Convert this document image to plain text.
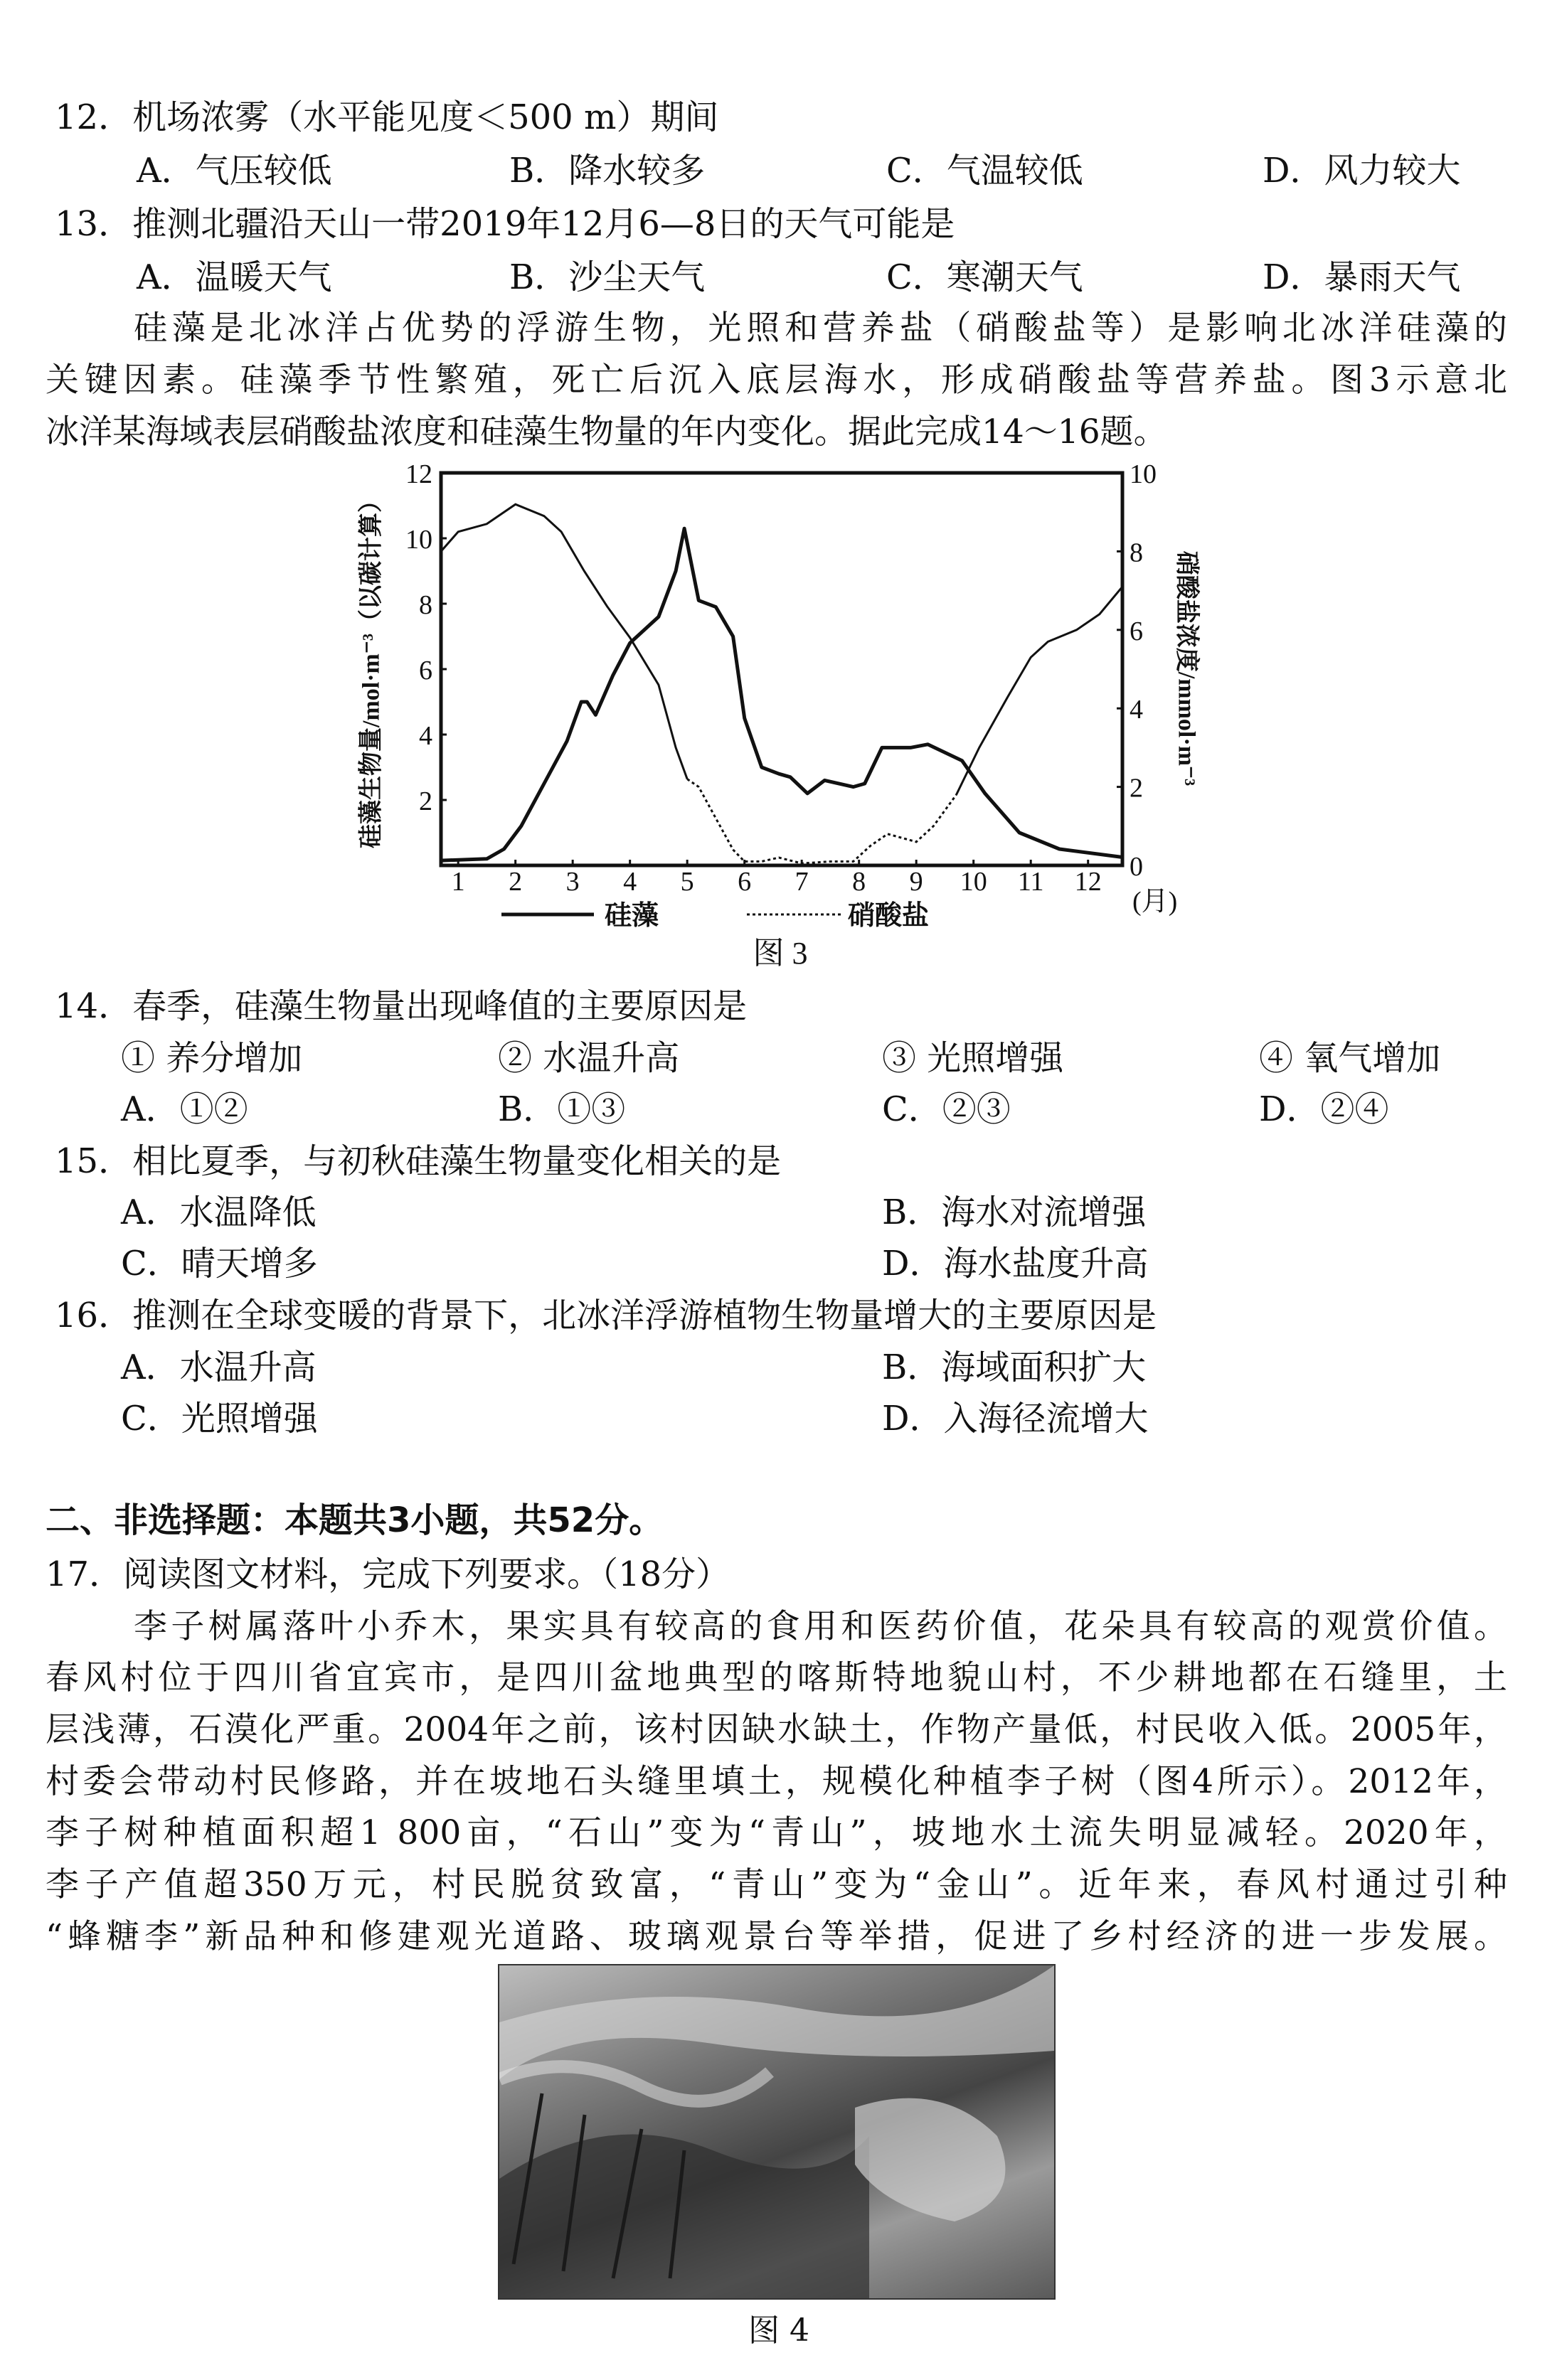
12．机场浓雾（水平能见度＜500 m）期间
A．气压较低	B．降水较多	C．气温较低	D．风力较大
13．推测北疆沿天山一带2019年12月6—8日的天气可能是
A．温暖天气	B．沙尘天气	C．寒潮天气	D．暴雨天气
硅藻是北冰洋占优势的浮游生物，光照和营养盐（硝酸盐等）是影响北冰洋硅藻的
关键因素。硅藻季节性繁殖，死亡后沉入底层海水，形成硝酸盐等营养盐。图3示意北
冰洋某海域表层硝酸盐浓度和硅藻生物量的年内变化。据此完成14～16题。
1 2 3 4 5 6 7 8 9 10 11 12
2
4
6
8
10
12
0
2
4
6
8
10
硅藻生物量/mol·m⁻³（以碳计算）	硝酸盐浓度/mmol·m⁻³
(月)
硅藻	硝酸盐
图 3
14．春季，硅藻生物量出现峰值的主要原因是
① 养分增加	② 水温升高	③ 光照增强	④ 氧气增加
A．①②	B．①③	C．②③	D．②④
15．相比夏季，与初秋硅藻生物量变化相关的是
A．水温降低	B．海水对流增强
C．晴天增多	D．海水盐度升高
16．推测在全球变暖的背景下，北冰洋浮游植物生物量增大的主要原因是
A．水温升高	B．海域面积扩大
C．光照增强	D．入海径流增大
二、非选择题：本题共3小题，共52分。
17．阅读图文材料，完成下列要求。（18分）
李子树属落叶小乔木，果实具有较高的食用和医药价值，花朵具有较高的观赏价值。
春风村位于四川省宜宾市，是四川盆地典型的喀斯特地貌山村，不少耕地都在石缝里，土
层浅薄，石漠化严重。2004年之前，该村因缺水缺土，作物产量低，村民收入低。2005年，
村委会带动村民修路，并在坡地石头缝里填土，规模化种植李子树（图4所示）。2012年，
李子树种植面积超1 800亩，“石山”变为“青山”，坡地水土流失明显减轻。2020年，
李子产值超350万元，村民脱贫致富，“青山”变为“金山”。近年来，春风村通过引种
“蜂糖李”新品种和修建观光道路、玻璃观景台等举措，促进了乡村经济的进一步发展。
图 4
